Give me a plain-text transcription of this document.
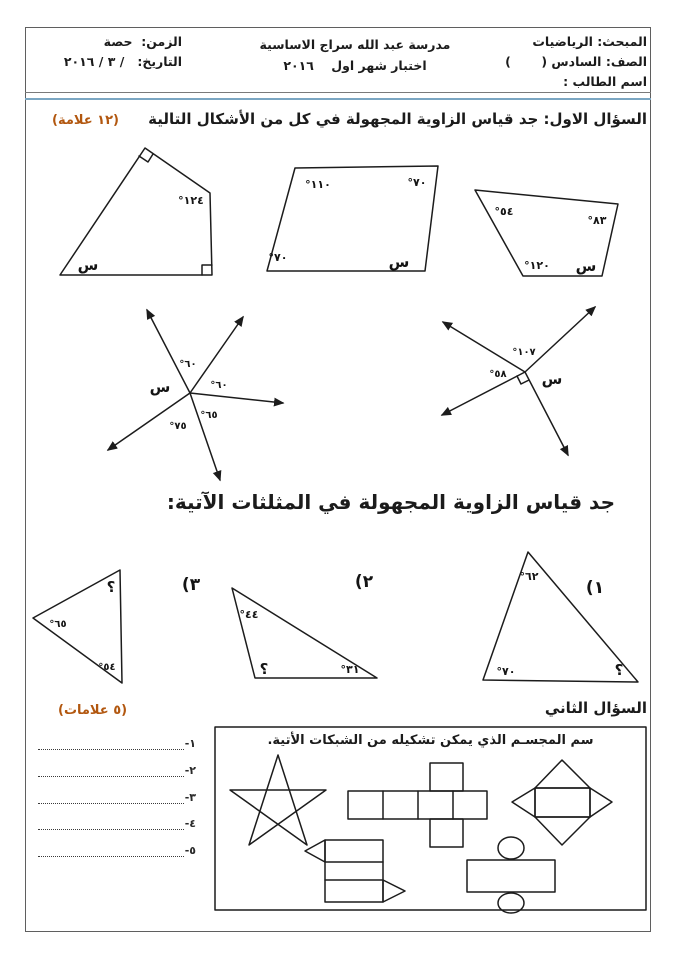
المبحث: الرياضيات
الصف: السادس (       )
اسم الطالب :
مدرسة عبد الله سراج الاساسية
اختبار شهر اول    ٢٠١٦
الزمن:  حصة
التاريخ:   / ٣ / ٢٠١٦
السؤال الاول: جد قياس الزاوية المجهولة في كل من الأشكال التالية
(١٢ علامة)
°١٢٤
س
°١١٠	°٧٠
°٧٠	س
°٥٤
°٨٣
°١٢٠ س
°٦٠
°٦٠
°٦٥
°٧٥
س
°١٠٧
°٥٨ س
°٦٢
°٧٠	؟
(١
°٤٤
؟	°٣١
(٢
؟
°٦٥
°٥٤
(٣
جد قياس الزاوية المجهولة في المثلثات الآتية:
السؤال الثاني
(٥ علامات)
سم المجسـم الذي يمكن تشكيله من الشبكات الأتية.
١-
٢-
٣-
٤-
٥-
